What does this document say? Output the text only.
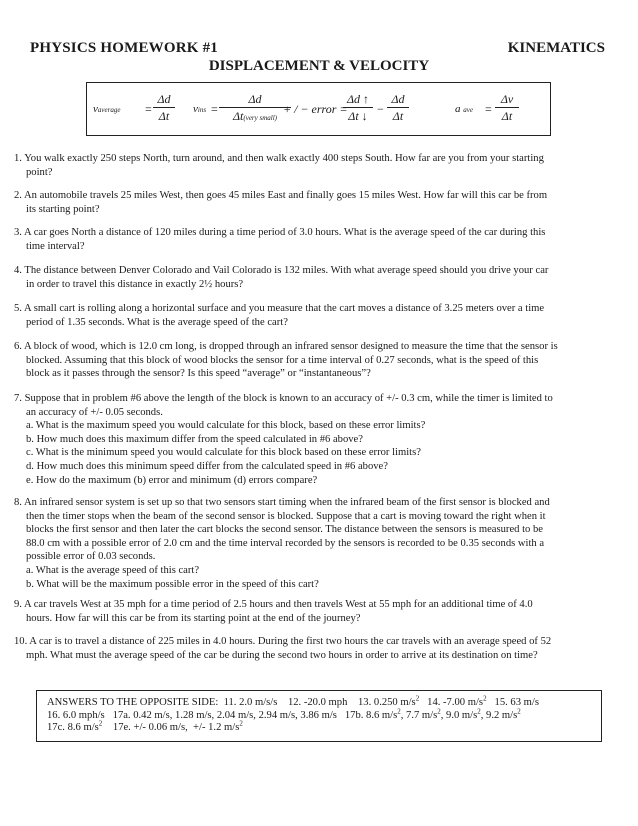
PHYSICS HOMEWORK #1	KINEMATICS
DISPLACEMENT & VELOCITY
vaverage =
Δd
Δt	vins =
Δd
Δt(very small)
+ / − error =
Δd ↑
Δt ↓ −
Δd
Δt	a ave =
Δv
Δt
1. You walk exactly 250 steps North, turn around, and then walk exactly 400 steps South. How far are you from your starting
point?
2. An automobile travels 25 miles West, then goes 45 miles East and finally goes 15 miles West. How far will this car be from
its starting point?
3. A car goes North a distance of 120 miles during a time period of 3.0 hours. What is the average speed of the car during this
time interval?
4. The distance between Denver Colorado and Vail Colorado is 132 miles. With what average speed should you drive your car
in order to travel this distance in exactly 2½ hours?
5. A small cart is rolling along a horizontal surface and you measure that the cart moves a distance of 3.25 meters over a time
period of 1.35 seconds. What is the average speed of the cart?
6. A block of wood, which is 12.0 cm long, is dropped through an infrared sensor designed to measure the time that the sensor is
blocked. Assuming that this block of wood blocks the sensor for a time interval of 0.27 seconds, what is the speed of this
block as it passes through the sensor? Is this speed “average” or “instantaneous”?
7. Suppose that in problem #6 above the length of the block is known to an accuracy of +/- 0.3 cm, while the timer is limited to
an accuracy of +/- 0.05 seconds.
a. What is the maximum speed you would calculate for this block, based on these error limits?
b. How much does this maximum differ from the speed calculated in #6 above?
c. What is the minimum speed you would calculate for this block based on these error limits?
d. How much does this minimum speed differ from the calculated speed in #6 above?
e. How do the maximum (b) error and minimum (d) errors compare?
8. An infrared sensor system is set up so that two sensors start timing when the infrared beam of the first sensor is blocked and
then the timer stops when the beam of the second sensor is blocked. Suppose that a cart is moving toward the right when it
blocks the first sensor and then later the cart blocks the second sensor. The distance between the sensors is measured to be
88.0 cm with a possible error of 2.0 cm and the time interval recorded by the sensors is recorded to be 0.35 seconds with a
possible error of 0.03 seconds.
a. What is the average speed of this cart?
b. What will be the maximum possible error in the speed of this cart?
9. A car travels West at 35 mph for a time period of 2.5 hours and then travels West at 55 mph for an additional time of 4.0
hours. How far will this car be from its starting point at the end of the journey?
10. A car is to travel a distance of 225 miles in 4.0 hours. During the first two hours the car travels with an average speed of 52
mph. What must the average speed of the car be during the second two hours in order to arrive at its destination on time?
ANSWERS TO THE OPPOSITE SIDE: 11. 2.0 m/s/s 12. -20.0 mph 13. 0.250 $m/s^2$ 14. -7.00 $m/s^2$ 15. 63 m/s
16. 6.0 mph/s 17a. 0.42 m/s, 1.28 m/s, 2.04 m/s, 2.94 m/s, 3.86 m/s 17b. 8.6 $m/s^2$, 7.7 $m/s^2$, 9.0 $m/s^2$, 9.2 $m/s^2$
17c. 8.6 $m/s^2$ 17e. +/- 0.06 m/s, +/- 1.2 $m/s^2$
